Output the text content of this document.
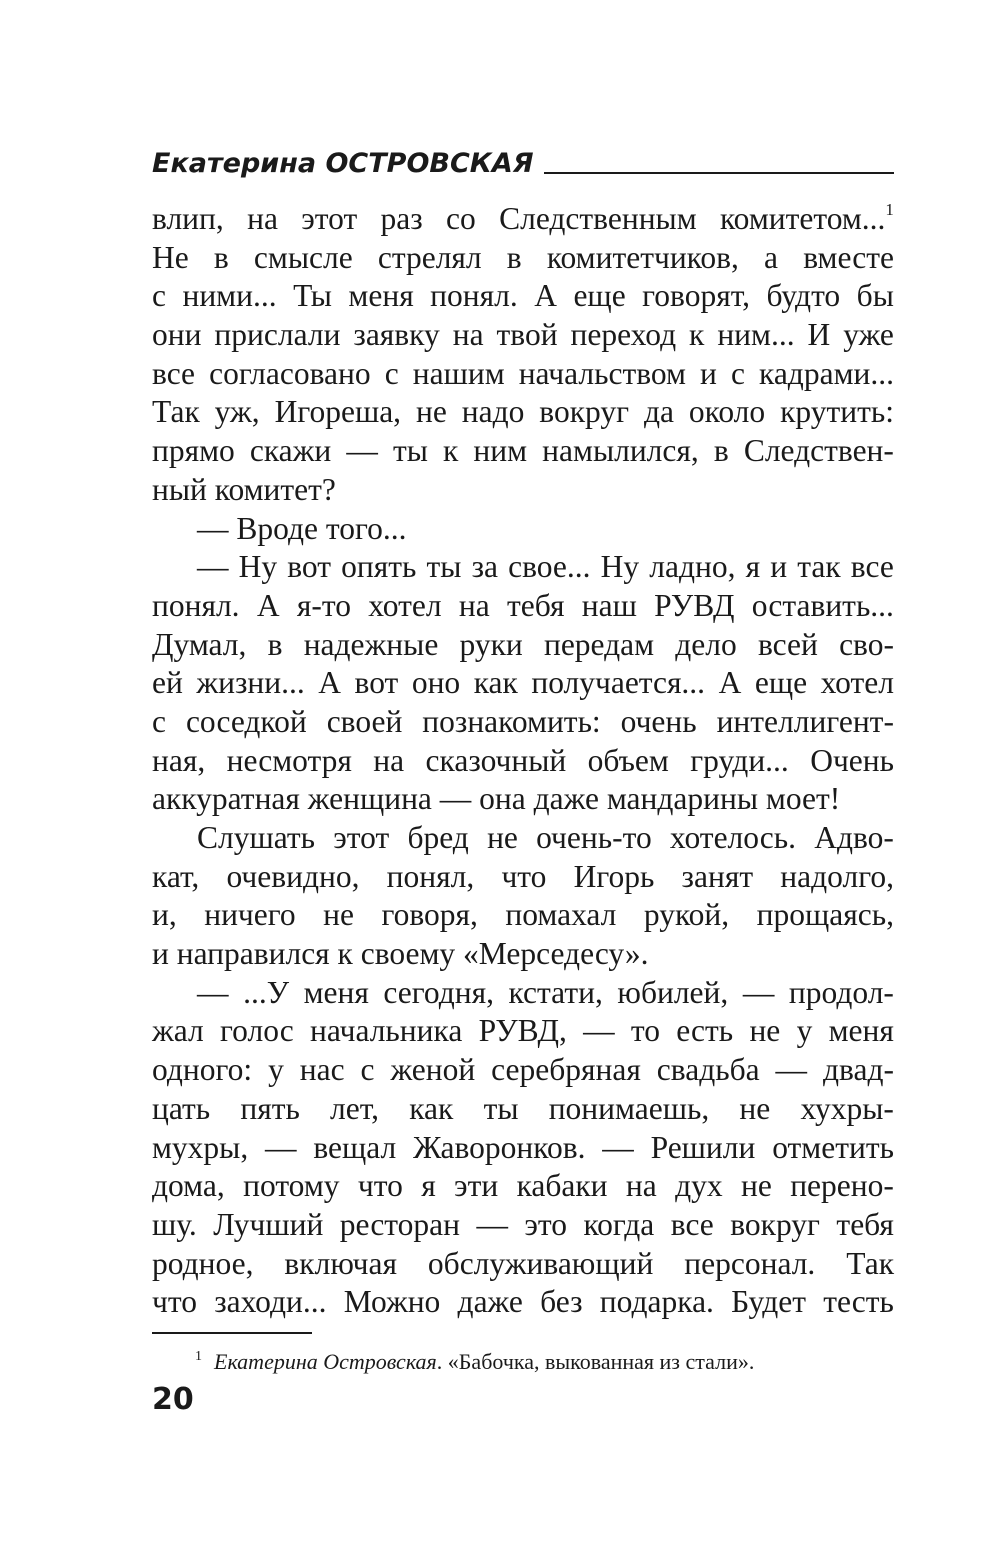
Екатерина ОСТРОВСКАЯ
влип, на этот раз со Следственным комитетом...$^1$
Не в смысле стрелял в комитетчиков, а вместе
с ними... Ты меня понял. А еще говорят, будто бы
они прислали заявку на твой переход к ним... И уже
все согласовано с нашим начальством и с кадрами...
Так уж, Игореша, не надо вокруг да около крутить:
прямо скажи — ты к ним намылился, в Следствен-
ный комитет?
— Вроде того...
— Ну вот опять ты за свое... Ну ладно, я и так все
понял. А я-то хотел на тебя наш РУВД оставить...
Думал, в надежные руки передам дело всей сво-
ей жизни... А вот оно как получается... А еще хотел
с соседкой своей познакомить: очень интеллигент-
ная, несмотря на сказочный объем груди... Очень
аккуратная женщина — она даже мандарины моет!
Слушать этот бред не очень-то хотелось. Адво-
кат, очевидно, понял, что Игорь занят надолго,
и, ничего не говоря, помахал рукой, прощаясь,
и направился к своему «Мерседесу».
— ...У меня сегодня, кстати, юбилей, — продол-
жал голос начальника РУВД, — то есть не у меня
одного: у нас с женой серебряная свадьба — двад-
цать пять лет, как ты понимаешь, не хухры-
мухры, — вещал Жаворонков. — Решили отметить
дома, потому что я эти кабаки на дух не перено-
шу. Лучший ресторан — это когда все вокруг тебя
родное, включая обслуживающий персонал. Так
что заходи... Можно даже без подарка. Будет тесть
$^1$ Екатерина Островская. «Бабочка, выкованная из стали».
20
